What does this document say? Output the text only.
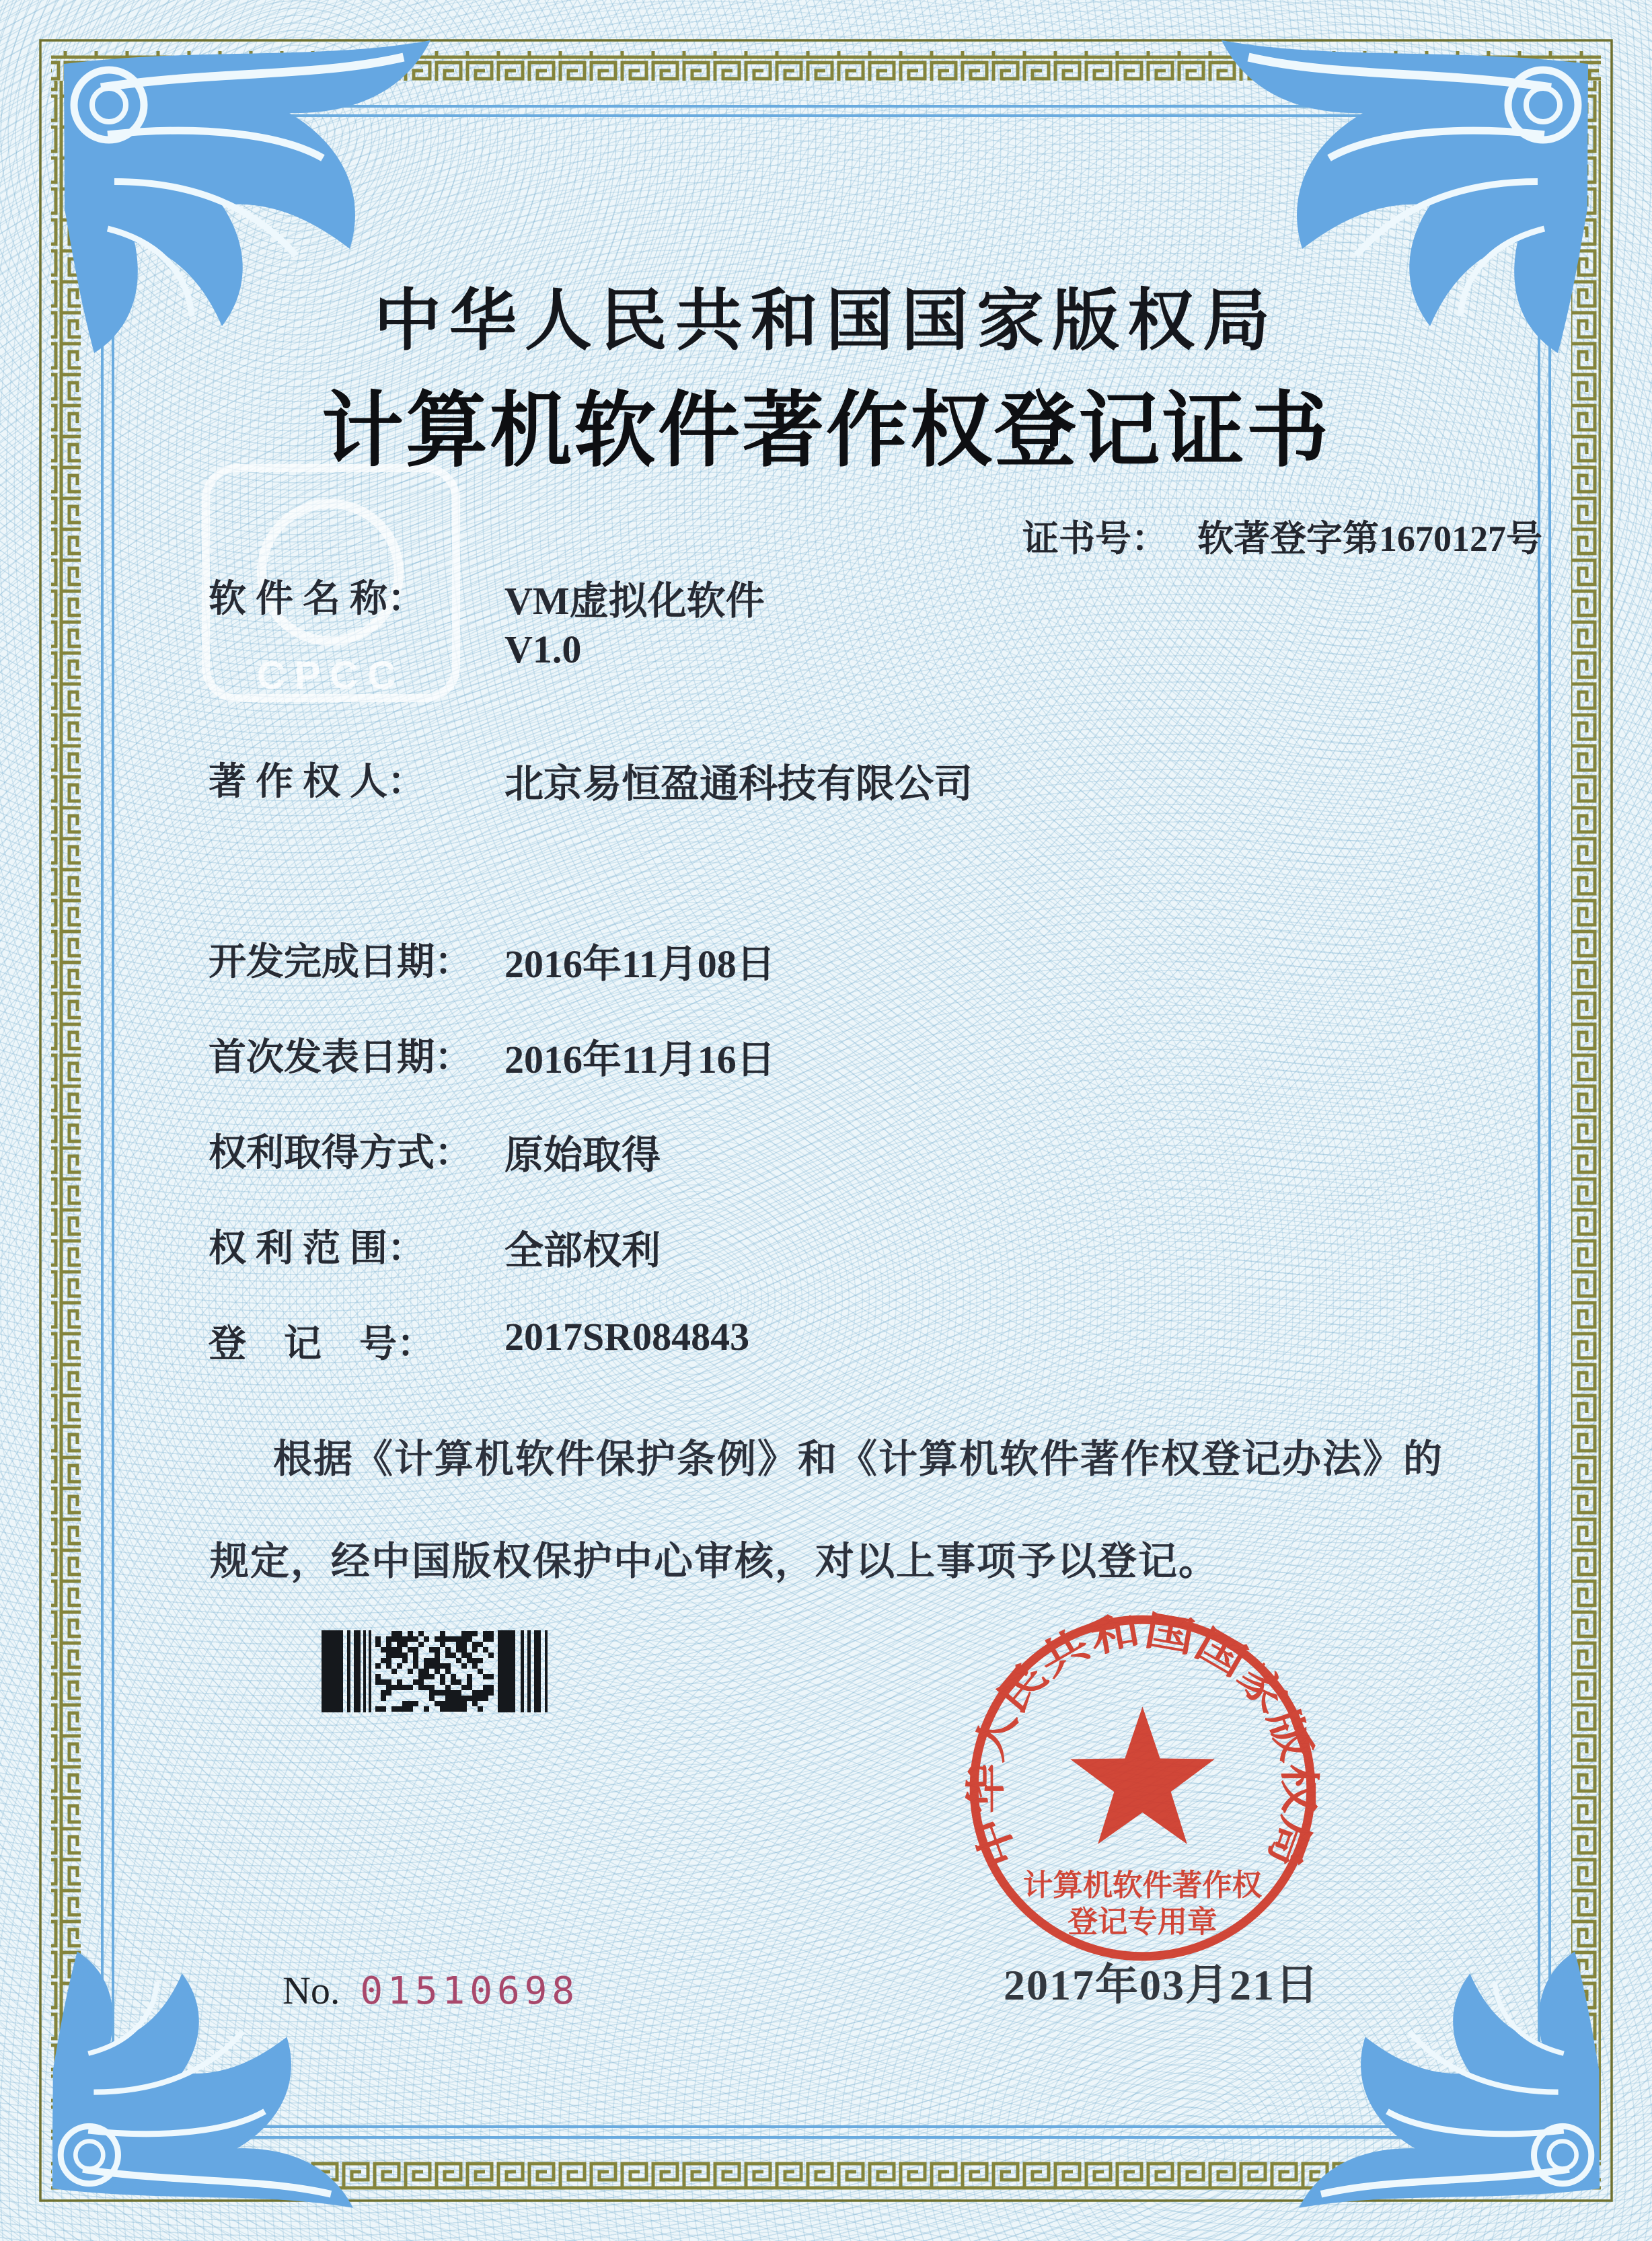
CPCC
中华人民共和国国家版权局
计算机软件著作权登记证书
证书号： 软著登字第1670127号
软 件 名 称： VM虚拟化软件
V1.0
著 作 权 人： 北京易恒盈通科技有限公司
开发完成日期： 2016年11月08日
首次发表日期： 2016年11月16日
权利取得方式： 原始取得
权 利 范 围： 全部权利
登　记　号： 2017SR084843
根据《计算机软件保护条例》和《计算机软件著作权登记办法》的
规定，经中国版权保护中心审核，对以上事项予以登记。
2017年03月21日
中华人民共和国国家版权局
计算机软件著作权
登记专用章
No. 01510698
